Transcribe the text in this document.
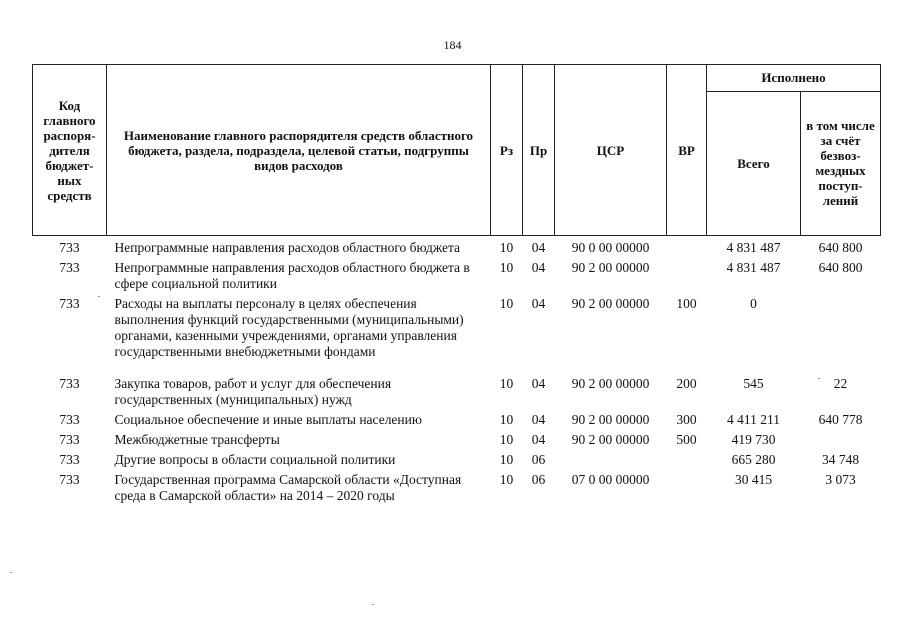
184
Код главного распоря-дителя бюджет-ных средств	Наименование главного распорядителя средств областного бюджета, раздела, подраздела, целевой статьи, подгруппы видов расходов	Рз	Пр	ЦСР	ВР	Исполнено	
						Всего	в том числе за счёт безвоз-мездных поступ-лений
733	Непрограммные направления расходов областного бюджета	10	04	90 0 00 00000		4 831 487	640 800
733	Непрограммные направления расходов областного бюджета в сфере социальной политики	10	04	90 2 00 00000		4 831 487	640 800
733	Расходы на выплаты персоналу в целях обеспечения выполнения функций государственными (муниципальными) органами, казенными учреждениями, органами управления государственными внебюджетными фондами	10	04	90 2 00 00000	100	0	
733	Закупка товаров, работ и услуг для обеспечения государственных (муниципальных) нужд	10	04	90 2 00 00000	200	545	22
733	Социальное обеспечение и иные выплаты населению	10	04	90 2 00 00000	300	4 411 211	640 778
733	Межбюджетные трансферты	10	04	90 2 00 00000	500	419 730	
733	Другие вопросы в области социальной политики	10	06			665 280	34 748
733	Государственная программа Самарской области «Доступная среда в Самарской области» на 2014 – 2020 годы	10	06	07 0 00 00000		30 415	3 073
